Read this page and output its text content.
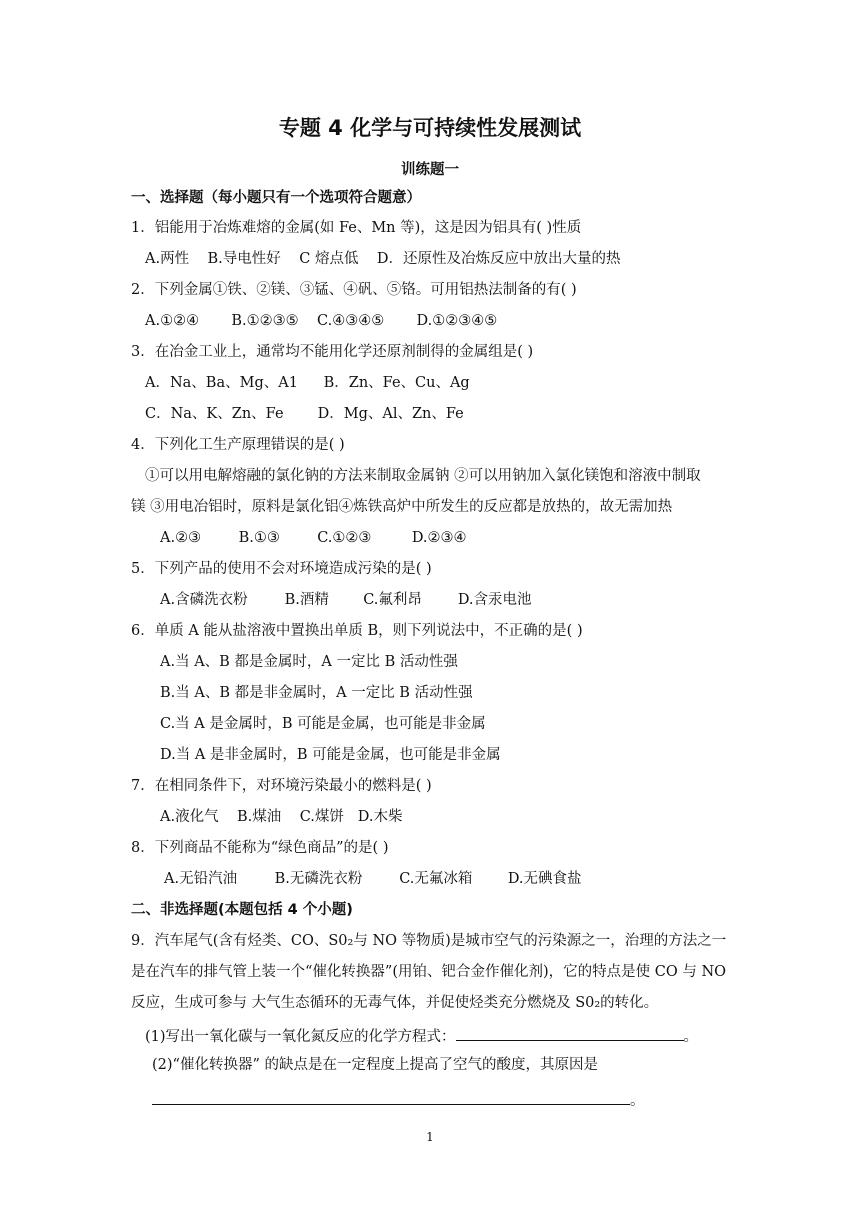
专题 4 化学与可持续性发展测试
训练题一
一、选择题（每小题只有一个选项符合题意）
1．铝能用于冶炼难熔的金属(如 Fe、Mn 等)，这是因为铝具有( )性质
A.两性 B.导电性好 C 熔点低 D．还原性及冶炼反应中放出大量的热
2．下列金属①铁、②镁、③锰、④矾、⑤铬。可用铝热法制备的有( )
A.①②④ B.①②③⑤ C.④③④⑤ D.①②③④⑤
3．在冶金工业上，通常均不能用化学还原剂制得的金属组是( )
A．Na、Ba、Mg、A1 B．Zn、Fe、Cu、Ag
C．Na、K、Zn、Fe D．Mg、Al、Zn、Fe
4．下列化工生产原理错误的是( )
①可以用电解熔融的氯化钠的方法来制取金属钠 ②可以用钠加入氯化镁饱和溶液中制取
镁 ③用电冶铝时，原料是氯化铝④炼铁高炉中所发生的反应都是放热的，故无需加热
A.②③	B.①③	C.①②③	D.②③④
5．下列产品的使用不会对环境造成污染的是( )
A.含磷洗衣粉	B.酒精 C.氟利昂 D.含汞电池
6．单质 A 能从盐溶液中置换出单质 B，则下列说法中，不正确的是( )
A.当 A、B 都是金属时，A 一定比 B 活动性强
B.当 A、B 都是非金属时，A 一定比 B 活动性强
C.当 A 是金属时，B 可能是金属，也可能是非金属
D.当 A 是非金属时，B 可能是金属，也可能是非金属
7．在相同条件下，对环境污染最小的燃料是( )
A.液化气 B.煤油 C.煤饼 D.木柴
8．下列商品不能称为“绿色商品”的是( )
A.无铅汽油	B.无磷洗衣粉	C.无氟冰箱 D.无碘食盐
二、非选择题(本题包括 4 个小题)
9．汽车尾气(含有烃类、CO、S0₂与 NO 等物质)是城市空气的污染源之一，治理的方法之一
是在汽车的排气管上装一个“催化转换器”(用铂、钯合金作催化剂)，它的特点是使 CO 与 NO
反应，生成可参与 大气生态循环的无毒气体，并促使烃类充分燃烧及 S0₂的转化。
(1)写出一氧化碳与一氧化氮反应的化学方程式：	。
(2)“催化转换器” 的缺点是在一定程度上提高了空气的酸度，其原因是
。
1
